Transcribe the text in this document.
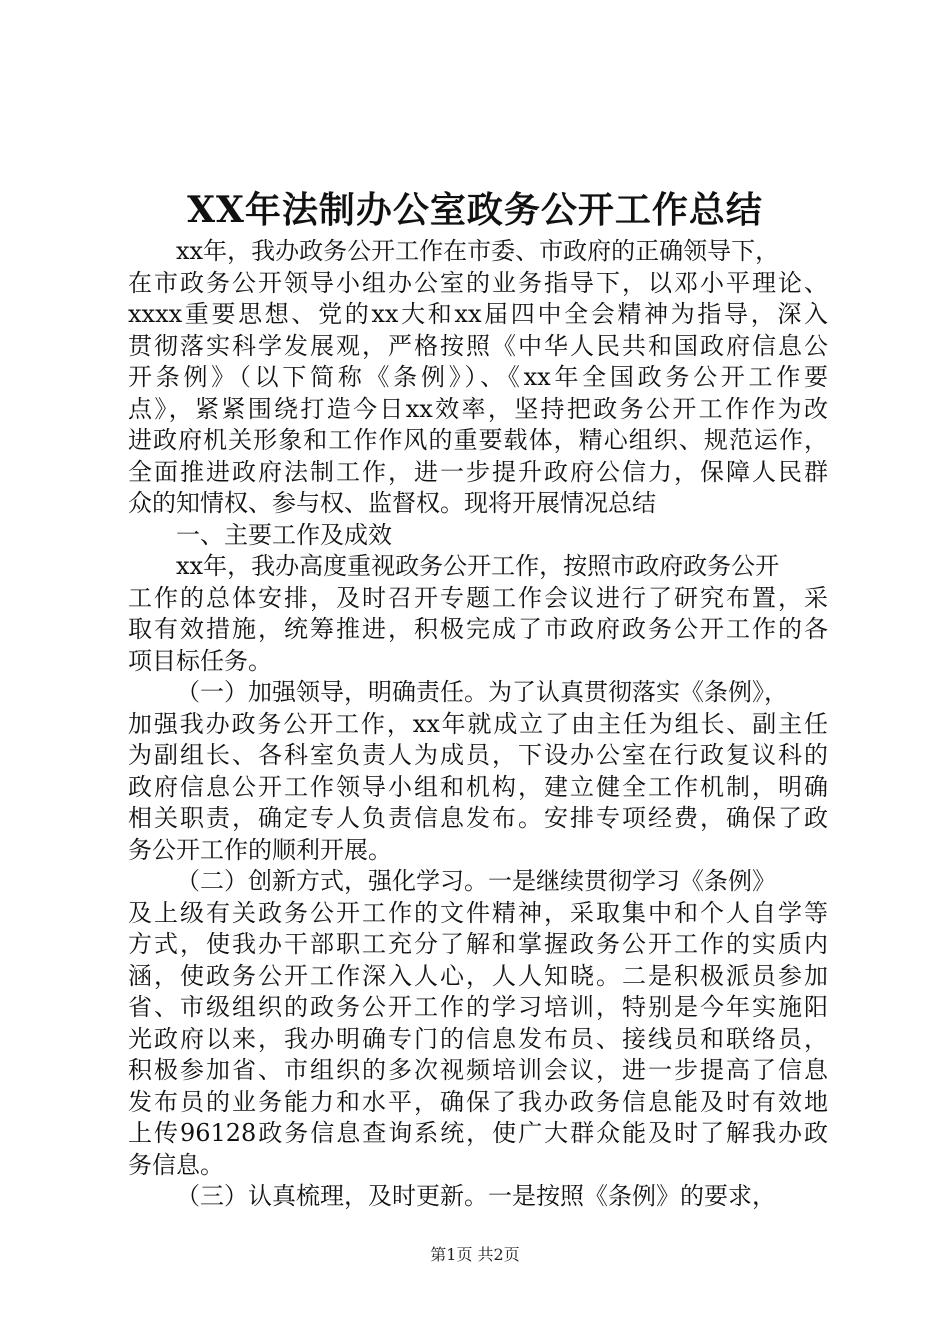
XX年法制办公室政务公开工作总结
xx年，我办政务公开工作在市委、市政府的正确领导下，
在市政务公开领导小组办公室的业务指导下，以邓小平理论、
xxxx重要思想、党的xx大和xx届四中全会精神为指导，深入
贯彻落实科学发展观，严格按照《中华人民共和国政府信息公
开条例》（以下简称《条例》）、《xx年全国政务公开工作要
点》，紧紧围绕打造今日xx效率，坚持把政务公开工作作为改
进政府机关形象和工作作风的重要载体，精心组织、规范运作，
全面推进政府法制工作，进一步提升政府公信力，保障人民群
众的知情权、参与权、监督权。现将开展情况总结
一、主要工作及成效
xx年，我办高度重视政务公开工作，按照市政府政务公开
工作的总体安排，及时召开专题工作会议进行了研究布置，采
取有效措施，统筹推进，积极完成了市政府政务公开工作的各
项目标任务。
（一）加强领导，明确责任。为了认真贯彻落实《条例》，
加强我办政务公开工作，xx年就成立了由主任为组长、副主任
为副组长、各科室负责人为成员，下设办公室在行政复议科的
政府信息公开工作领导小组和机构，建立健全工作机制，明确
相关职责，确定专人负责信息发布。安排专项经费，确保了政
务公开工作的顺利开展。
（二）创新方式，强化学习。一是继续贯彻学习《条例》
及上级有关政务公开工作的文件精神，采取集中和个人自学等
方式，使我办干部职工充分了解和掌握政务公开工作的实质内
涵，使政务公开工作深入人心，人人知晓。二是积极派员参加
省、市级组织的政务公开工作的学习培训，特别是今年实施阳
光政府以来，我办明确专门的信息发布员、接线员和联络员，
积极参加省、市组织的多次视频培训会议，进一步提高了信息
发布员的业务能力和水平，确保了我办政务信息能及时有效地
上传96128政务信息查询系统，使广大群众能及时了解我办政
务信息。
（三）认真梳理，及时更新。一是按照《条例》的要求，
第1页 共2页
